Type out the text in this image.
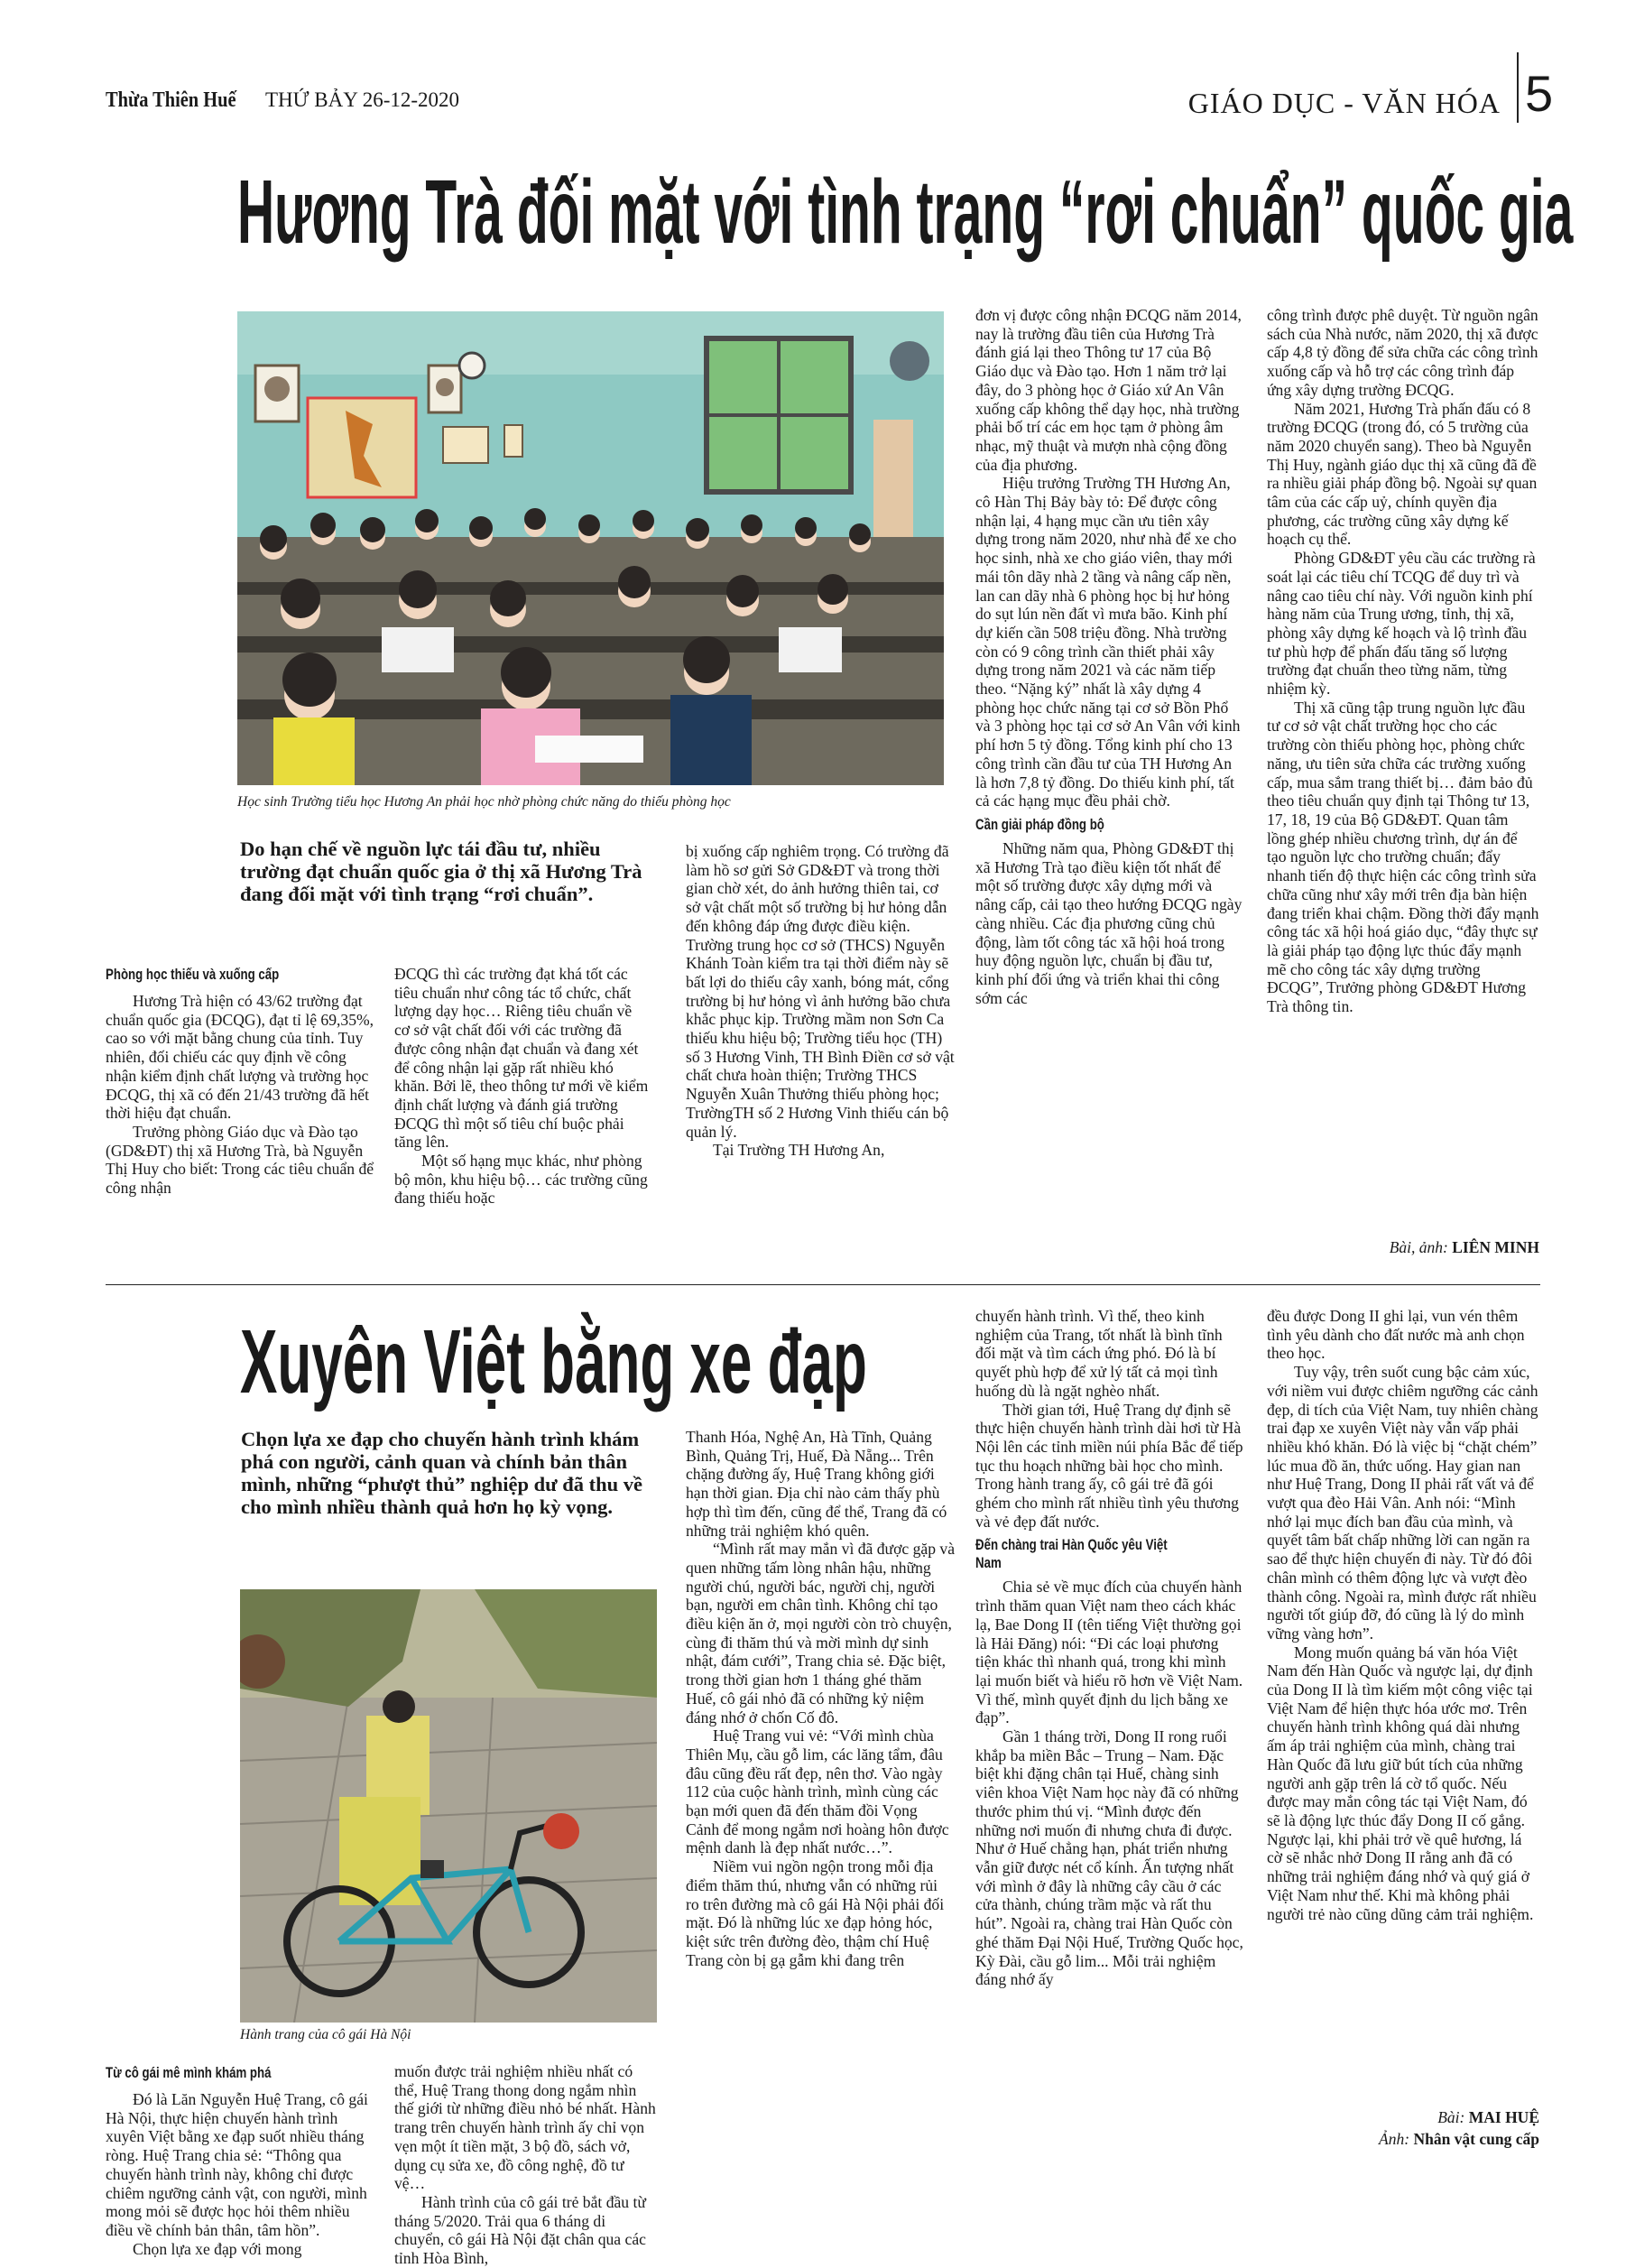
Thừa Thiên Huế THỨ BẢY 26-12-2020	GIÁO DỤC - VĂN HÓA 5
Hương Trà đối mặt với tình trạng “rơi chuẩn” quốc gia
Học sinh Trường tiểu học Hương An phải học nhờ phòng chức năng do thiếu phòng học
Do hạn chế về nguồn lực tái đầu tư, nhiều trường đạt chuẩn quốc gia ở thị xã Hương Trà đang đối mặt với tình trạng “rơi chuẩn”.
Phòng học thiếu và xuống cấp

Hương Trà hiện có 43/62 trường đạt chuẩn quốc gia (ĐCQG), đạt tỉ lệ 69,35%, cao so với mặt bằng chung của tỉnh. Tuy nhiên, đối chiếu các quy định về công nhận kiểm định chất lượng và trường học ĐCQG, thị xã có đến 21/43 trường đã hết thời hiệu đạt chuẩn.

Trưởng phòng Giáo dục và Đào tạo (GD&ĐT) thị xã Hương Trà, bà Nguyễn Thị Huy cho biết: Trong các tiêu chuẩn để công nhận

ĐCQG thì các trường đạt khá tốt các tiêu chuẩn như công tác tổ chức, chất lượng dạy học… Riêng tiêu chuẩn về cơ sở vật chất đối với các trường đã được công nhận đạt chuẩn và đang xét để công nhận lại gặp rất nhiều khó khăn. Bởi lẽ, theo thông tư mới về kiểm định chất lượng và đánh giá trường ĐCQG thì một số tiêu chí buộc phải tăng lên.

Một số hạng mục khác, như phòng bộ môn, khu hiệu bộ… các trường cũng đang thiếu hoặc

bị xuống cấp nghiêm trọng. Có trường đã làm hồ sơ gửi Sở GD&ĐT và trong thời gian chờ xét, do ảnh hưởng thiên tai, cơ sở vật chất một số trường bị hư hỏng dẫn đến không đáp ứng được điều kiện. Trường trung học cơ sở (THCS) Nguyễn Khánh Toàn kiểm tra tại thời điểm này sẽ bất lợi do thiếu cây xanh, bóng mát, cổng trường bị hư hỏng vì ảnh hưởng bão chưa khắc phục kịp. Trường mầm non Sơn Ca thiếu khu hiệu bộ; Trường tiểu học (TH) số 3 Hương Vinh, TH Bình Điền cơ sở vật chất chưa hoàn thiện; Trường THCS Nguyễn Xuân Thưởng thiếu phòng học; TrườngTH số 2 Hương Vinh thiếu cán bộ quản lý.

Tại Trường TH Hương An,

đơn vị được công nhận ĐCQG năm 2014, nay là trường đầu tiên của Hương Trà đánh giá lại theo Thông tư 17 của Bộ Giáo dục và Đào tạo. Hơn 1 năm trở lại đây, do 3 phòng học ở Giáo xứ An Vân xuống cấp không thể dạy học, nhà trường phải bố trí các em học tạm ở phòng âm nhạc, mỹ thuật và mượn nhà cộng đồng của địa phương.

Hiệu trưởng Trường TH Hương An, cô Hàn Thị Bảy bày tỏ: Để được công nhận lại, 4 hạng mục cần ưu tiên xây dựng trong năm 2020, như nhà để xe cho học sinh, nhà xe cho giáo viên, thay mới mái tôn dãy nhà 2 tầng và nâng cấp nền, lan can dãy nhà 6 phòng học bị hư hỏng do sụt lún nền đất vì mưa bão. Kinh phí dự kiến cần 508 triệu đồng. Nhà trường còn có 9 công trình cần thiết phải xây dựng trong năm 2021 và các năm tiếp theo. “Nặng ký” nhất là xây dựng 4 phòng học chức năng tại cơ sở Bồn Phổ và 3 phòng học tại cơ sở An Vân với kinh phí hơn 5 tỷ đồng. Tổng kinh phí cho 13 công trình cần đầu tư của TH Hương An là hơn 7,8 tỷ đồng. Do thiếu kinh phí, tất cả các hạng mục đều phải chờ.

Cần giải pháp đồng bộ

Những năm qua, Phòng GD&ĐT thị xã Hương Trà tạo điều kiện tốt nhất để một số trường được xây dựng mới và nâng cấp, cải tạo theo hướng ĐCQG ngày càng nhiều. Các địa phương cũng chủ động, làm tốt công tác xã hội hoá trong huy động nguồn lực, chuẩn bị đầu tư, kinh phí đối ứng và triển khai thi công sớm các

công trình được phê duyệt. Từ nguồn ngân sách của Nhà nước, năm 2020, thị xã được cấp 4,8 tỷ đồng để sửa chữa các công trình xuống cấp và hỗ trợ các công trình đáp ứng xây dựng trường ĐCQG.

Năm 2021, Hương Trà phấn đấu có 8 trường ĐCQG (trong đó, có 5 trường của năm 2020 chuyển sang). Theo bà Nguyễn Thị Huy, ngành giáo dục thị xã cũng đã đề ra nhiều giải pháp đồng bộ. Ngoài sự quan tâm của các cấp uỷ, chính quyền địa phương, các trường cũng xây dựng kế hoạch cụ thể.

Phòng GD&ĐT yêu cầu các trường rà soát lại các tiêu chí TCQG để duy trì và nâng cao tiêu chí này. Với nguồn kinh phí hàng năm của Trung ương, tỉnh, thị xã, phòng xây dựng kế hoạch và lộ trình đầu tư phù hợp để phấn đấu tăng số lượng trường đạt chuẩn theo từng năm, từng nhiệm kỳ.

Thị xã cũng tập trung nguồn lực đầu tư cơ sở vật chất trường học cho các trường còn thiếu phòng học, phòng chức năng, ưu tiên sửa chữa các trường xuống cấp, mua sắm trang thiết bị… đảm bảo đủ theo tiêu chuẩn quy định tại Thông tư 13, 17, 18, 19 của Bộ GD&ĐT. Quan tâm lồng ghép nhiều chương trình, dự án để tạo nguồn lực cho trường chuẩn; đẩy nhanh tiến độ thực hiện các công trình sửa chữa cũng như xây mới trên địa bàn hiện đang triển khai chậm. Đồng thời đẩy mạnh công tác xã hội hoá giáo dục, “đây thực sự là giải pháp tạo động lực thúc đẩy mạnh mẽ cho công tác xây dựng trường ĐCQG”, Trưởng phòng GD&ĐT Hương Trà thông tin.

Bài, ảnh: LIÊN MINH
Xuyên Việt bằng xe đạp
Chọn lựa xe đạp cho chuyến hành trình khám phá con người, cảnh quan và chính bản thân mình, những “phượt thủ” nghiệp dư đã thu về cho mình nhiều thành quả hơn họ kỳ vọng.
Hành trang của cô gái Hà Nội
Từ cô gái mê mình khám phá

Đó là Lăn Nguyễn Huệ Trang, cô gái Hà Nội, thực hiện chuyến hành trình xuyên Việt bằng xe đạp suốt nhiều tháng ròng. Huệ Trang chia sẻ: “Thông qua chuyến hành trình này, không chỉ được chiêm ngưỡng cảnh vật, con người, mình mong mỏi sẽ được học hỏi thêm nhiều điều về chính bản thân, tâm hồn”.

Chọn lựa xe đạp với mong

muốn được trải nghiệm nhiều nhất có thể, Huệ Trang thong dong ngắm nhìn thế giới từ những điều nhỏ bé nhất. Hành trang trên chuyến hành trình ấy chỉ vọn vẹn một ít tiền mặt, 3 bộ đồ, sách vở, dụng cụ sửa xe, đồ công nghệ, đồ tư vệ…

Hành trình của cô gái trẻ bắt đầu từ tháng 5/2020. Trải qua 6 tháng di chuyển, cô gái Hà Nội đặt chân qua các tỉnh Hòa Bình,

Thanh Hóa, Nghệ An, Hà Tĩnh, Quảng Bình, Quảng Trị, Huế, Đà Nẵng... Trên chặng đường ấy, Huệ Trang không giới hạn thời gian. Địa chỉ nào cảm thấy phù hợp thì tìm đến, cũng để thể, Trang đã có những trải nghiệm khó quên.

“Mình rất may mắn vì đã được gặp và quen những tấm lòng nhân hậu, những người chú, người bác, người chị, người bạn, người em chân tình. Không chỉ tạo điều kiện ăn ở, mọi người còn trò chuyện, cùng đi thăm thú và mời mình dự sinh nhật, đám cưới”, Trang chia sẻ. Đặc biệt, trong thời gian hơn 1 tháng ghé thăm Huế, cô gái nhỏ đã có những kỷ niệm đáng nhớ ở chốn Cố đô.

Huệ Trang vui vẻ: “Với mình chùa Thiên Mụ, cầu gỗ lim, các lăng tẩm, đâu đâu cũng đều rất đẹp, nên thơ. Vào ngày 112 của cuộc hành trình, mình cùng các bạn mới quen đã đến thăm đồi Vọng Cảnh để mong ngắm nơi hoàng hôn được mệnh danh là đẹp nhất nước…”.

Niềm vui ngồn ngộn trong mỗi địa điểm thăm thú, nhưng vẫn có những rủi ro trên đường mà cô gái Hà Nội phải đối mặt. Đó là những lúc xe đạp hỏng hóc, kiệt sức trên đường đèo, thậm chí Huệ Trang còn bị gạ gẫm khi đang trên

chuyến hành trình. Vì thế, theo kinh nghiệm của Trang, tốt nhất là bình tĩnh đối mặt và tìm cách ứng phó. Đó là bí quyết phù hợp để xử lý tất cả mọi tình huống dù là ngặt nghèo nhất.

Thời gian tới, Huệ Trang dự định sẽ thực hiện chuyến hành trình dài hơi từ Hà Nội lên các tỉnh miền núi phía Bắc để tiếp tục thu hoạch những bài học cho mình. Trong hành trang ấy, cô gái trẻ đã gói ghém cho mình rất nhiều tình yêu thương và vẻ đẹp đất nước.

Đến chàng trai Hàn Quốc yêu Việt Nam

Chia sẻ về mục đích của chuyến hành trình thăm quan Việt nam theo cách khác lạ, Bae Dong II (tên tiếng Việt thường gọi là Hải Đăng) nói: “Đi các loại phương tiện khác thì nhanh quá, trong khi mình lại muốn biết và hiểu rõ hơn về Việt Nam. Vì thế, mình quyết định du lịch bằng xe đạp”.

Gần 1 tháng trời, Dong II rong ruổi khắp ba miền Bắc – Trung – Nam. Đặc biệt khi đặng chân tại Huế, chàng sinh viên khoa Việt Nam học này đã có những thước phim thú vị. “Mình được đến những nơi muốn đi nhưng chưa đi được. Như ở Huế chẳng hạn, phát triển nhưng vẫn giữ được nét cổ kính. Ấn tượng nhất với mình ở đây là những cây cầu ở các cửa thành, chúng trầm mặc và rất thu hút”. Ngoài ra, chàng trai Hàn Quốc còn ghé thăm Đại Nội Huế, Trường Quốc học, Kỳ Đài, cầu gỗ lim... Mỗi trải nghiệm đáng nhớ ấy

đều được Dong II ghi lại, vun vén thêm tình yêu dành cho đất nước mà anh chọn theo học.

Tuy vậy, trên suốt cung bậc cảm xúc, với niềm vui được chiêm ngưỡng các cảnh đẹp, di tích của Việt Nam, tuy nhiên chàng trai đạp xe xuyên Việt này vẫn vấp phải nhiều khó khăn. Đó là việc bị “chặt chém” lúc mua đồ ăn, thức uống. Hay gian nan như Huệ Trang, Dong II phải rất vất vả để vượt qua đèo Hải Vân. Anh nói: “Mình nhớ lại mục đích ban đầu của mình, và quyết tâm bất chấp những lời can ngăn ra sao để thực hiện chuyến đi này. Từ đó đôi chân mình có thêm động lực và vượt đèo thành công. Ngoài ra, mình được rất nhiều người tốt giúp đỡ, đó cũng là lý do mình vững vàng hơn”.

Mong muốn quảng bá văn hóa Việt Nam đến Hàn Quốc và ngược lại, dự định của Dong II là tìm kiếm một công việc tại Việt Nam để hiện thực hóa ước mơ. Trên chuyến hành trình không quá dài nhưng ấm áp trải nghiệm của mình, chàng trai Hàn Quốc đã lưu giữ bút tích của những người anh gặp trên lá cờ tổ quốc. Nếu được may mắn công tác tại Việt Nam, đó sẽ là động lực thúc đẩy Dong II cố gắng. Ngược lại, khi phải trở về quê hương, lá cờ sẽ nhắc nhở Dong II rằng anh đã có những trải nghiệm đáng nhớ và quý giá ở Việt Nam như thế. Khi mà không phải người trẻ nào cũng dũng cảm trải nghiệm.

Bài: MAI HUỆ
Ảnh: Nhân vật cung cấp
